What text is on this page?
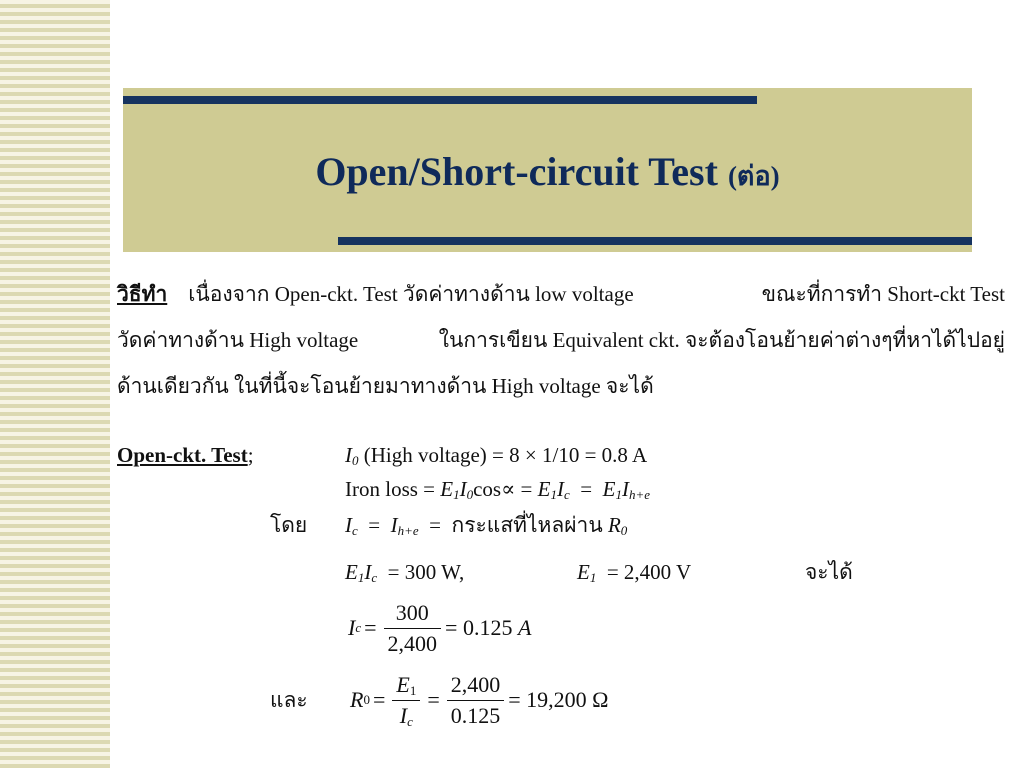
Open/Short-circuit Test (ต่อ)
วิธีทำ เนื่องจาก Open-ckt. Test วัดค่าทางด้าน low voltage	ขณะที่การทำ Short-ckt Test
วัดค่าทางด้าน High voltage	ในการเขียน Equivalent ckt. จะต้องโอนย้ายค่าต่างๆที่หาได้ไปอยู่
ด้านเดียวกัน ในที่นี้จะโอนย้ายมาทางด้าน High voltage จะได้
Open-ckt. Test;	$I_0$ (High voltage) = 8 × 1/10 = 0.8 A
Iron loss = $E_1I_0\cos\propto = E_1I_c = E_1I_{h+e}$
โดย $I_c = I_{h+e}$ = กระแสที่ไหลผ่าน $R_0$
$E_1I_c = 300$ W,	$E_1 = 2,400$ V	จะได้
I $c = \frac{300}{2,400} = 0.125$
A
และ R $0 = \frac{E_1}{I_c} = \frac{2,400}{0.125} = 19,200$ Ω
